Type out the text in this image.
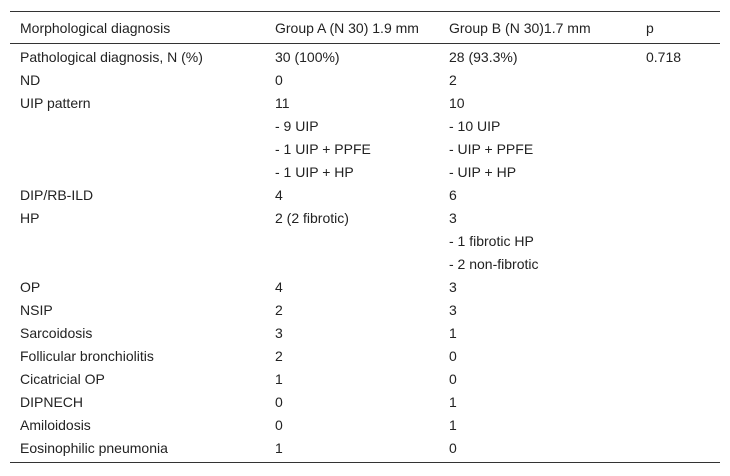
Morphological diagnosis	Group A (N 30) 1.9 mm	Group B (N 30)1.7 mm	p
Pathological diagnosis, N (%)	30 (100%)	28 (93.3%)	0.718
ND	0	2	
UIP pattern	11	10	
	- 9 UIP	- 10 UIP	
	- 1 UIP + PPFE	- UIP + PPFE	
	- 1 UIP + HP	- UIP + HP	
DIP/RB-ILD	4	6	
HP	2 (2 fibrotic)	3	
		- 1 fibrotic HP	
		- 2 non-fibrotic	
OP	4	3	
NSIP	2	3	
Sarcoidosis	3	1	
Follicular bronchiolitis	2	0	
Cicatricial OP	1	0	
DIPNECH	0	1	
Amiloidosis	0	1	
Eosinophilic pneumonia	1	0	
